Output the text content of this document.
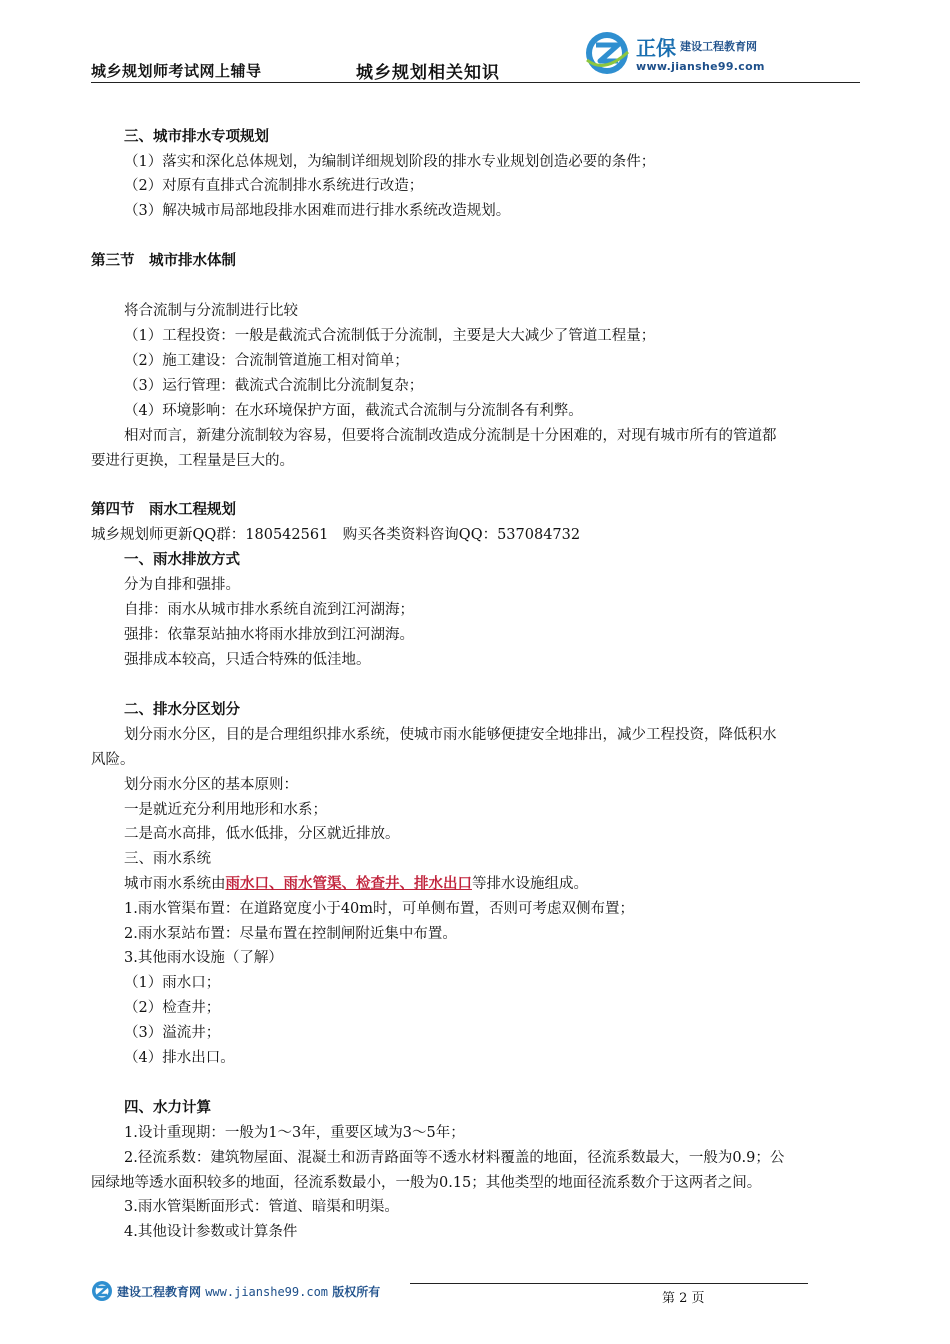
城乡规划师考试网上辅导	城乡规划相关知识
正保 建设工程教育网
www.jianshe99.com
三、城市排水专项规划
（1）落实和深化总体规划，为编制详细规划阶段的排水专业规划创造必要的条件；
（2）对原有直排式合流制排水系统进行改造；
（3）解决城市局部地段排水困难而进行排水系统改造规划。
第三节　城市排水体制
将合流制与分流制进行比较
（1）工程投资：一般是截流式合流制低于分流制，主要是大大减少了管道工程量；
（2）施工建设：合流制管道施工相对简单；
（3）运行管理：截流式合流制比分流制复杂；
（4）环境影响：在水环境保护方面，截流式合流制与分流制各有利弊。
相对而言，新建分流制较为容易，但要将合流制改造成分流制是十分困难的，对现有城市所有的管道都
要进行更换，工程量是巨大的。
第四节　雨水工程规划
城乡规划师更新QQ群：180542561　购买各类资料咨询QQ：537084732
一、雨水排放方式
分为自排和强排。
自排：雨水从城市排水系统自流到江河湖海；
强排：依靠泵站抽水将雨水排放到江河湖海。
强排成本较高，只适合特殊的低洼地。
二、排水分区划分
划分雨水分区，目的是合理组织排水系统，使城市雨水能够便捷安全地排出，减少工程投资，降低积水
风险。
划分雨水分区的基本原则：
一是就近充分利用地形和水系；
二是高水高排，低水低排，分区就近排放。
三、雨水系统
城市雨水系统由雨水口、雨水管渠、检查井、排水出口等排水设施组成。
1.雨水管渠布置：在道路宽度小于40m时，可单侧布置，否则可考虑双侧布置；
2.雨水泵站布置：尽量布置在控制闸附近集中布置。
3.其他雨水设施（了解）
（1）雨水口；
（2）检查井；
（3）溢流井；
（4）排水出口。
四、水力计算
1.设计重现期：一般为1～3年，重要区域为3～5年；
2.径流系数：建筑物屋面、混凝土和沥青路面等不透水材料覆盖的地面，径流系数最大，一般为0.9；公
园绿地等透水面积较多的地面，径流系数最小，一般为0.15；其他类型的地面径流系数介于这两者之间。
3.雨水管渠断面形式：管道、暗渠和明渠。
4.其他设计参数或计算条件
建设工程教育网 www.jianshe99.com 版权所有	第 2 页
